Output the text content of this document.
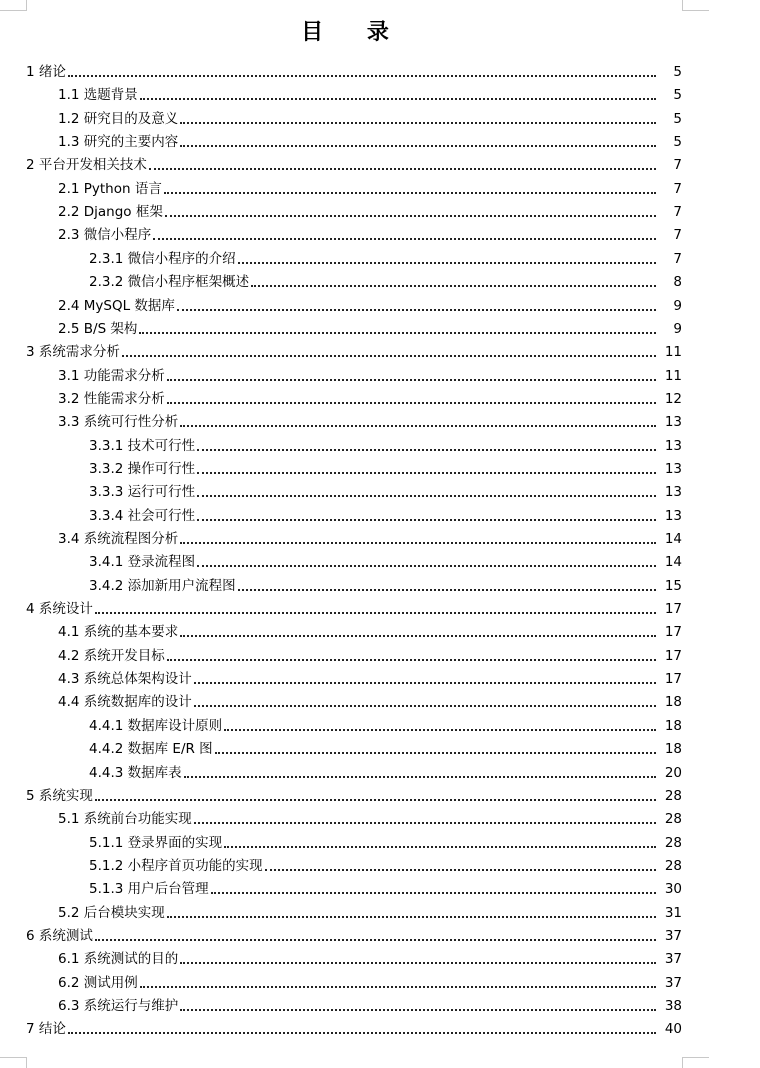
目 录
1 绪论	5
1.1 选题背景	5
1.2 研究目的及意义	5
1.3 研究的主要内容	5
2 平台开发相关技术	7
2.1 Python 语言	7
2.2 Django 框架	7
2.3 微信小程序	7
2.3.1 微信小程序的介绍	7
2.3.2 微信小程序框架概述	8
2.4 MySQL 数据库	9
2.5 B/S 架构	9
3 系统需求分析	11
3.1 功能需求分析	11
3.2 性能需求分析	12
3.3 系统可行性分析	13
3.3.1 技术可行性	13
3.3.2 操作可行性	13
3.3.3 运行可行性	13
3.3.4 社会可行性	13
3.4 系统流程图分析	14
3.4.1 登录流程图	14
3.4.2 添加新用户流程图	15
4 系统设计	17
4.1 系统的基本要求	17
4.2 系统开发目标	17
4.3 系统总体架构设计	17
4.4 系统数据库的设计	18
4.4.1 数据库设计原则	18
4.4.2 数据库 E/R 图	18
4.4.3 数据库表	20
5 系统实现	28
5.1 系统前台功能实现	28
5.1.1 登录界面的实现	28
5.1.2 小程序首页功能的实现	28
5.1.3 用户后台管理	30
5.2 后台模块实现	31
6 系统测试	37
6.1 系统测试的目的	37
6.2 测试用例	37
6.3 系统运行与维护	38
7 结论	40
